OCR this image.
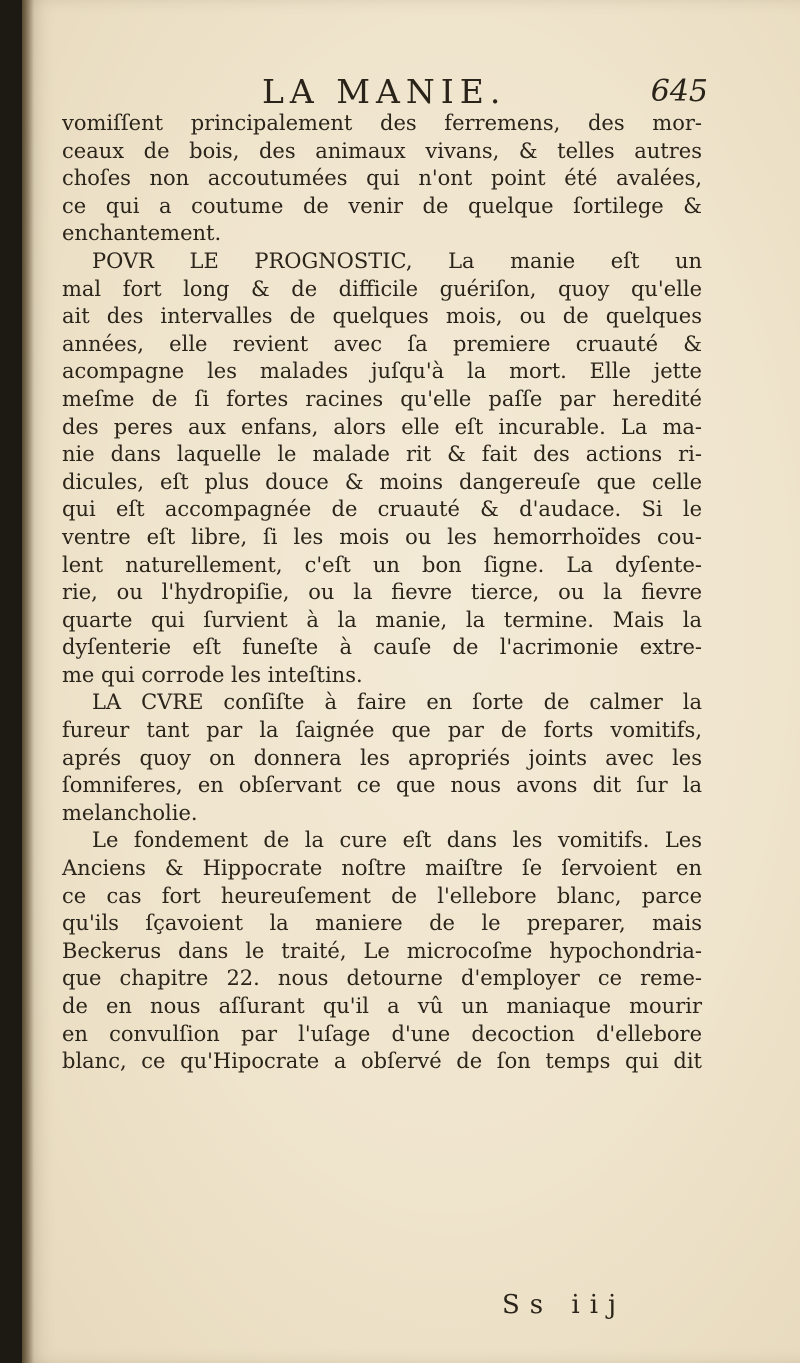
LA MANIE.	645
vomiſſent principalement des ferremens, des mor-
ceaux de bois, des animaux vivans, & telles autres
choſes non accoutumées qui n'ont point été avalées,
ce qui a coutume de venir de quelque ſortilege &
enchantement.
POVR LE PROGNOSTIC, La manie eſt un
mal fort long & de difficile guériſon, quoy qu'elle
ait des intervalles de quelques mois, ou de quelques
années, elle revient avec ſa premiere cruauté &
acompagne les malades juſqu'à la mort. Elle jette
meſme de ſi fortes racines qu'elle paſſe par heredité
des peres aux enfans, alors elle eſt incurable. La ma-
nie dans laquelle le malade rit & fait des actions ri-
dicules, eſt plus douce & moins dangereuſe que celle
qui eſt accompagnée de cruauté & d'audace. Si le
ventre eſt libre, ſi les mois ou les hemorrhoïdes cou-
lent naturellement, c'eſt un bon ſigne. La dyſente-
rie, ou l'hydropiſie, ou la fievre tierce, ou la fievre
quarte qui ſurvient à la manie, la termine. Mais la
dyſenterie eſt funeſte à cauſe de l'acrimonie extre-
me qui corrode les inteſtins.
LA CVRE conſiſte à faire en ſorte de calmer la
fureur tant par la ſaignée que par de forts vomitifs,
aprés quoy on donnera les apropriés joints avec les
ſomniferes, en obſervant ce que nous avons dit ſur la
melancholie.
Le fondement de la cure eſt dans les vomitifs. Les
Anciens & Hippocrate noſtre maiſtre ſe ſervoient en
ce cas fort heureuſement de l'ellebore blanc, parce
qu'ils ſçavoient la maniere de le preparer, mais
Beckerus dans le traité, Le microcoſme hypochondria-
que chapitre 22. nous detourne d'employer ce reme-
de en nous aſſurant qu'il a vû un maniaque mourir
en convulſion par l'uſage d'une decoction d'ellebore
blanc, ce qu'Hipocrate a obſervé de ſon temps qui dit
Ss iij
